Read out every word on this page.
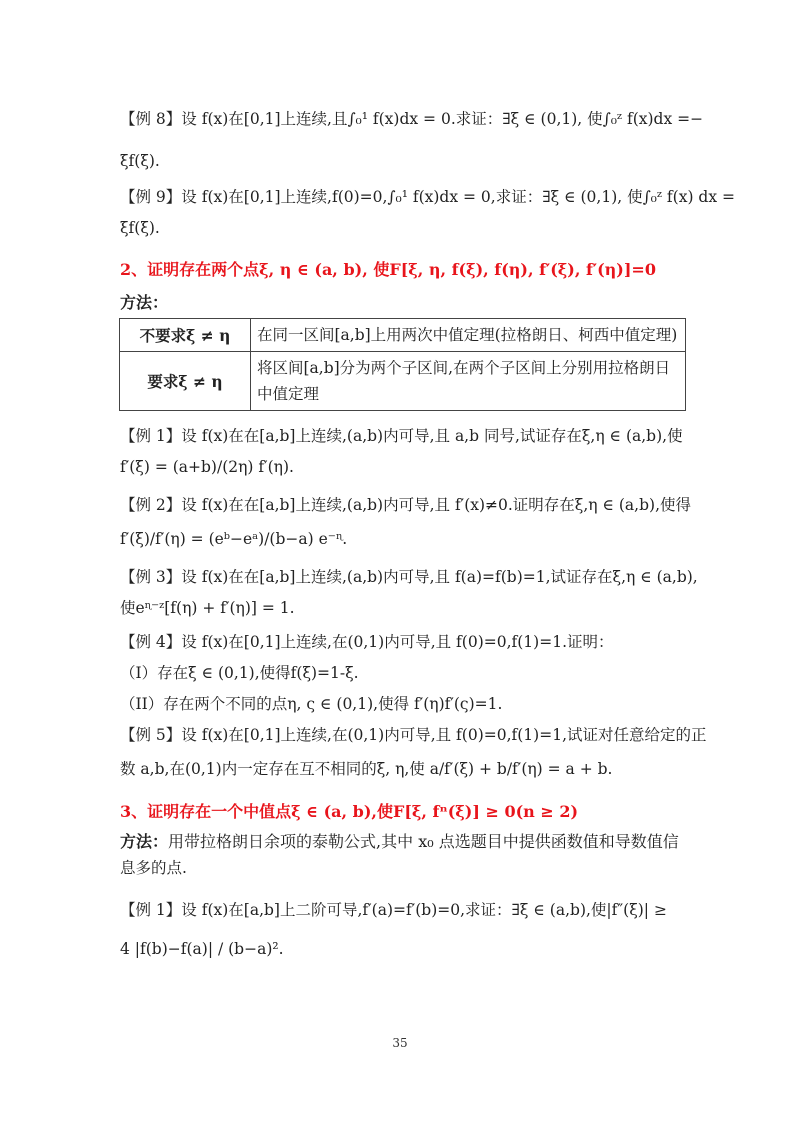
【例 8】设 f(x)在[0,1]上连续,且∫₀¹ f(x)dx = 0.求证：∃ξ ∈ (0,1), 使∫₀ᶻ f(x)dx =−
ξf(ξ).
【例 9】设 f(x)在[0,1]上连续,f(0)=0,∫₀¹ f(x)dx = 0,求证：∃ξ ∈ (0,1), 使∫₀ᶻ f(x) dx =
ξf(ξ).
2、证明存在两个点ξ, η ∈ (a, b), 使F[ξ, η, f(ξ), f(η), f′(ξ), f′(η)]=0
方法：
不要求ξ ≠ η	在同一区间[a,b]上用两次中值定理(拉格朗日、柯西中值定理)
要求ξ ≠ η	将区间[a,b]分为两个子区间,在两个子区间上分别用拉格朗日中值定理
【例 1】设 f(x)在在[a,b]上连续,(a,b)内可导,且 a,b 同号,试证存在ξ,η ∈ (a,b),使
f′(ξ) = (a+b)/(2η) f′(η).
【例 2】设 f(x)在在[a,b]上连续,(a,b)内可导,且 f′(x)≠0.证明存在ξ,η ∈ (a,b),使得
f′(ξ)/f′(η) = (eᵇ−eᵃ)/(b−a) e⁻ᶯ.
【例 3】设 f(x)在在[a,b]上连续,(a,b)内可导,且 f(a)=f(b)=1,试证存在ξ,η ∈ (a,b),
使eᶯ⁻ᶻ[f(η) + f′(η)] = 1.
【例 4】设 f(x)在[0,1]上连续,在(0,1)内可导,且 f(0)=0,f(1)=1.证明：
（I）存在ξ ∈ (0,1),使得f(ξ)=1-ξ.
（II）存在两个不同的点η, ς ∈ (0,1),使得 f′(η)f′(ς)=1.
【例 5】设 f(x)在[0,1]上连续,在(0,1)内可导,且 f(0)=0,f(1)=1,试证对任意给定的正
数 a,b,在(0,1)内一定存在互不相同的ξ, η,使 a/f′(ξ) + b/f′(η) = a + b.
3、证明存在一个中值点ξ ∈ (a, b),使F[ξ, fⁿ(ξ)] ≥ 0(n ≥ 2)
方法：用带拉格朗日余项的泰勒公式,其中 x₀ 点选题目中提供函数值和导数值信
息多的点.
【例 1】设 f(x)在[a,b]上二阶可导,f′(a)=f′(b)=0,求证：∃ξ ∈ (a,b),使|f″(ξ)| ≥
4 |f(b)−f(a)| / (b−a)².
35
